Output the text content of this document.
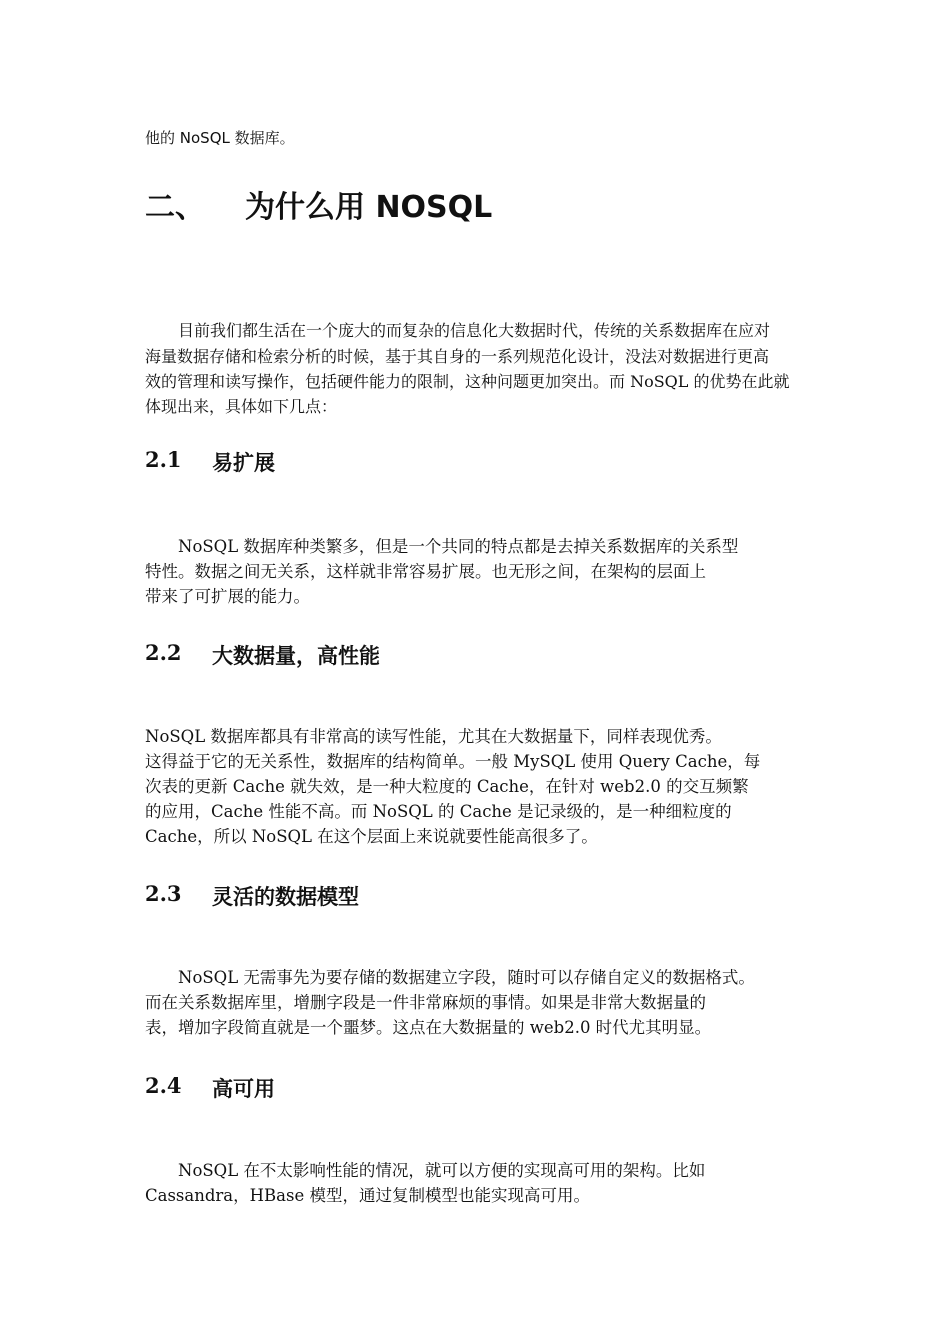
他的 NoSQL 数据库。
二、 为什么用 NOSQL
目前我们都生活在一个庞大的而复杂的信息化大数据时代，传统的关系数据库在应对
海量数据存储和检索分析的时候，基于其自身的一系列规范化设计，没法对数据进行更高
效的管理和读写操作，包括硬件能力的限制，这种问题更加突出。而 NoSQL 的优势在此就
体现出来，具体如下几点：
2.1 易扩展
NoSQL 数据库种类繁多，但是一个共同的特点都是去掉关系数据库的关系型
特性。数据之间无关系，这样就非常容易扩展。也无形之间，在架构的层面上
带来了可扩展的能力。
2.2 大数据量，高性能
NoSQL 数据库都具有非常高的读写性能，尤其在大数据量下，同样表现优秀。
这得益于它的无关系性，数据库的结构简单。一般 MySQL 使用 Query Cache，每
次表的更新 Cache 就失效，是一种大粒度的 Cache，在针对 web2.0 的交互频繁
的应用，Cache 性能不高。而 NoSQL 的 Cache 是记录级的，是一种细粒度的
Cache，所以 NoSQL 在这个层面上来说就要性能高很多了。
2.3 灵活的数据模型
NoSQL 无需事先为要存储的数据建立字段，随时可以存储自定义的数据格式。
而在关系数据库里，增删字段是一件非常麻烦的事情。如果是非常大数据量的
表，增加字段简直就是一个噩梦。这点在大数据量的 web2.0 时代尤其明显。
2.4 高可用
NoSQL 在不太影响性能的情况，就可以方便的实现高可用的架构。比如
Cassandra，HBase 模型，通过复制模型也能实现高可用。
